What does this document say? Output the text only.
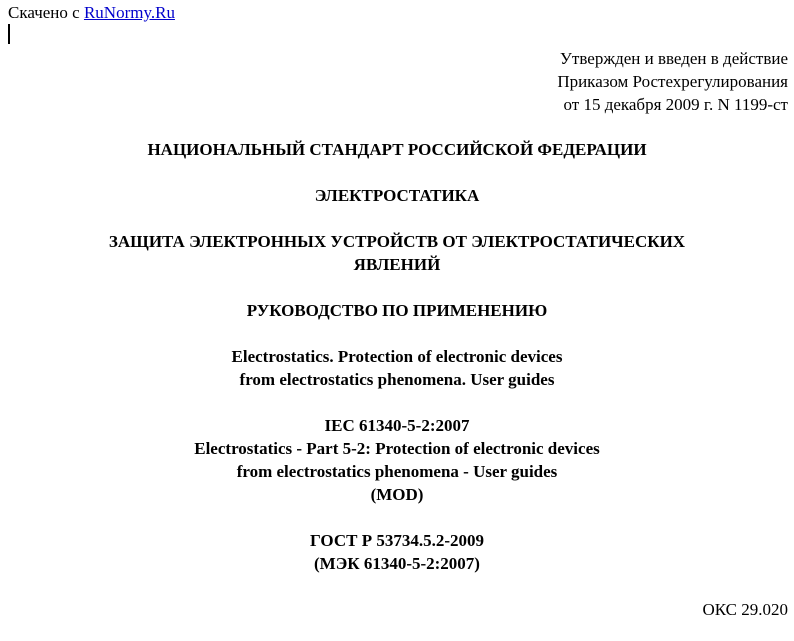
Скачено с RuNormy.Ru
Утвержден и введен в действие
Приказом Ростехрегулирования
от 15 декабря 2009 г. N 1199-ст
НАЦИОНАЛЬНЫЙ СТАНДАРТ РОССИЙСКОЙ ФЕДЕРАЦИИ
ЭЛЕКТРОСТАТИКА
ЗАЩИТА ЭЛЕКТРОННЫХ УСТРОЙСТВ ОТ ЭЛЕКТРОСТАТИЧЕСКИХ
ЯВЛЕНИЙ
РУКОВОДСТВО ПО ПРИМЕНЕНИЮ
Electrostatics. Protection of electronic devices
from electrostatics phenomena. User guides
IEC 61340-5-2:2007
Electrostatics - Part 5-2: Protection of electronic devices
from electrostatics phenomena - User guides
(MOD)
ГОСТ Р 53734.5.2-2009
(МЭК 61340-5-2:2007)
ОКС 29.020
